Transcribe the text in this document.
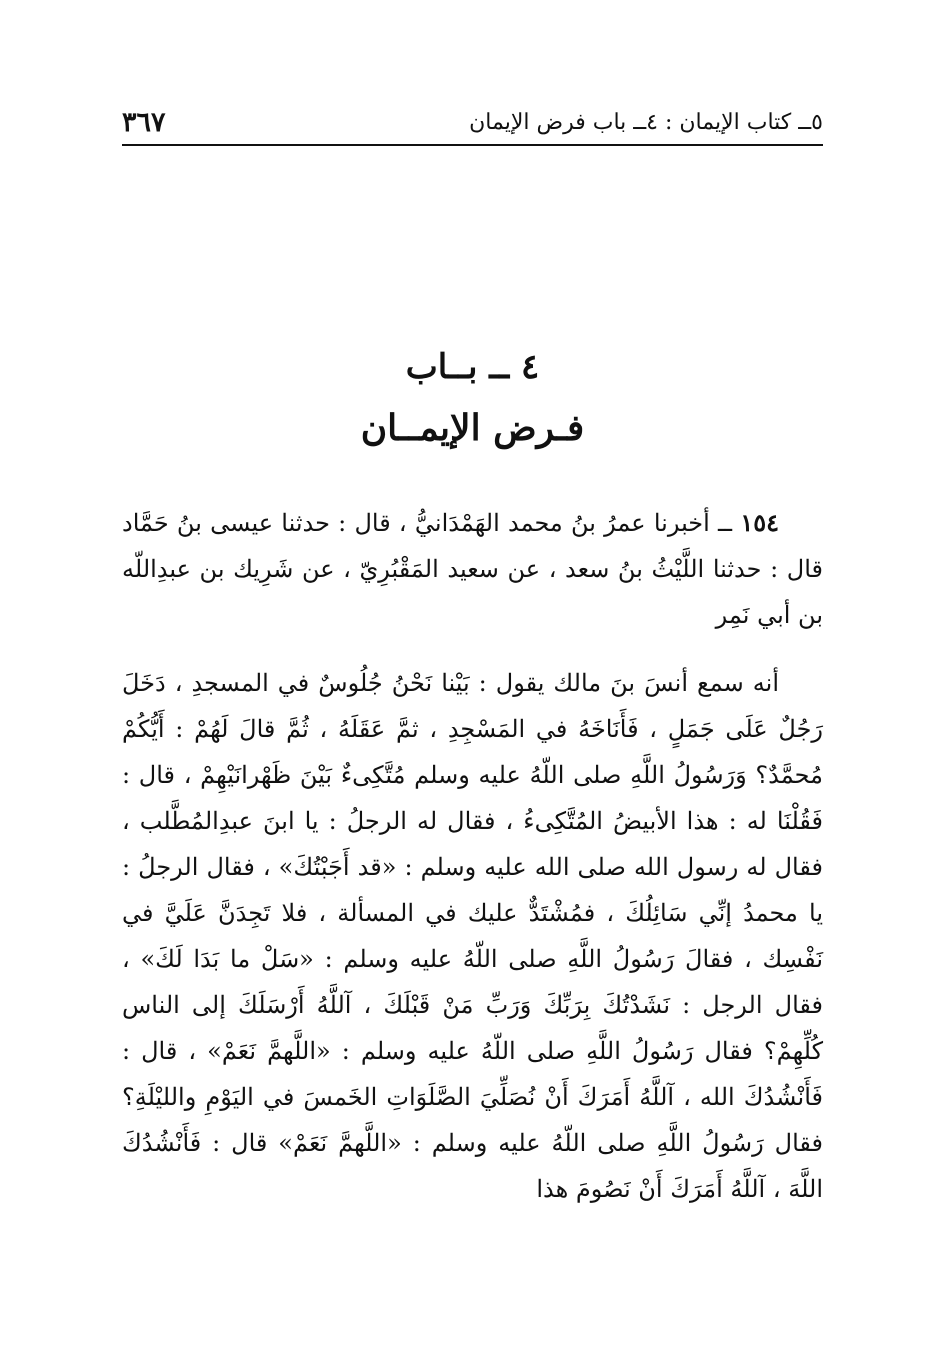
٣٦٧	٥ــ كتاب الإيمان : ٤ــ باب فرض الإيمان
٤ ــ بــاب
فـرض الإيمــان

١٥٤ ــ أخبرنا عمرُ بنُ محمد الهَمْدَانيُّ ، قال : حدثنا عيسى بنُ حَمَّاد قال : حدثنا اللَّيْثُ بنُ سعد ، عن سعيد المَقْبُرِيّ ، عن شَرِيك بن عبدِاللّه بن أبي نَمِر

أنه سمع أنسَ بنَ مالك يقول : بَيْنا نَحْنُ جُلُوسٌ في المسجدِ ، دَخَلَ رَجُلٌ عَلَى جَمَلٍ ، فَأَنَاخَهُ في المَسْجِدِ ، ثمَّ عَقَلَهُ ، ثُمَّ قالَ لَهُمْ : أَيُّكُمْ مُحمَّدٌ؟ وَرَسُولُ اللَّهِ صلى اللّهُ عليه وسلم مُتَّكِىءٌ بَيْنَ ظَهْرانَيْهِمْ ، قال : فَقُلْنَا له : هذا الأبيضُ المُتَّكِىءُ ، فقال له الرجلُ : يا ابنَ عبدِالمُطَّلب ، فقال له رسول الله صلى الله عليه وسلم : «قد أَجَبْتُكَ» ، فقال الرجلُ : يا محمدُ إنِّي سَائِلُكَ ، فمُشْتَدٌّ عليك في المسألة ، فلا تَجِدَنَّ عَلَيَّ في نَفْسِك ، فقالَ رَسُولُ اللَّهِ صلى اللّهُ عليه وسلم : «سَلْ ما بَدَا لَكَ» ، فقال الرجل : نَشَدْتُكَ بِرَبِّكَ وَرَبِّ مَنْ قَبْلَكَ ، آللَّهُ أَرْسَلَكَ إلى الناس كُلِّهِمْ؟ فقال رَسُولُ اللَّهِ صلى اللّهُ عليه وسلم : «اللَّهمَّ نَعَمْ» ، قال : فَأَنْشُدُكَ الله ، آللَّهُ أَمَرَكَ أَنْ نُصَلِّيَ الصَّلَوَاتِ الخَمسَ في اليَوْمِ والليْلَةِ؟ فقال رَسُولُ اللَّهِ صلى اللّهُ عليه وسلم : «اللَّهمَّ نَعَمْ» قال : فَأَنْشُدُكَ اللَّهَ ، آللَّهُ أَمَرَكَ أَنْ نَصُومَ هذا
